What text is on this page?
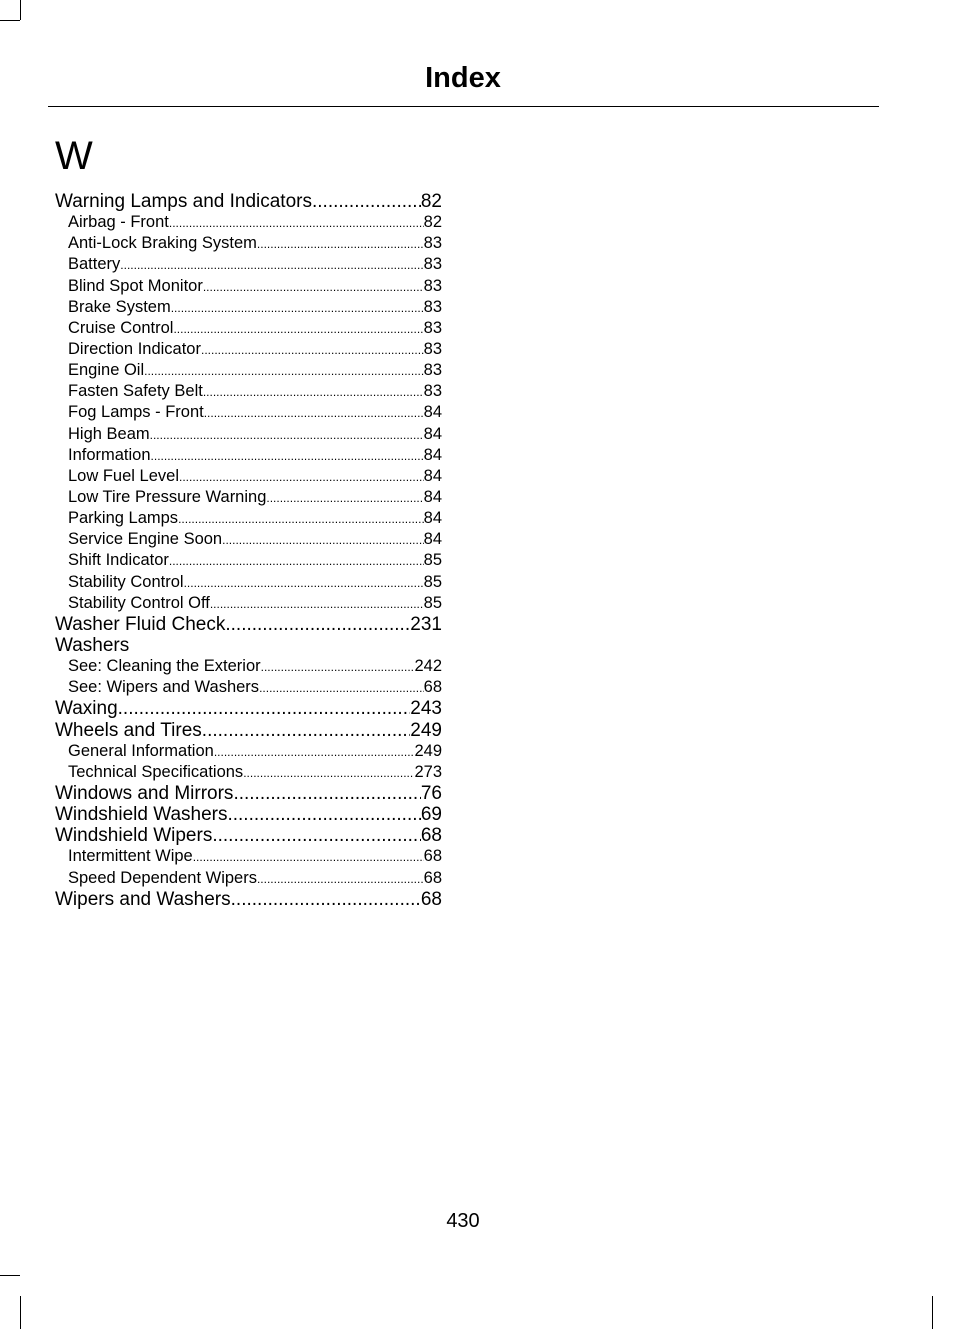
Index
W
Warning Lamps and Indicators .....	82
Airbag - Front .....	82
Anti-Lock Braking System .....	83
Battery .....	83
Blind Spot Monitor .....	83
Brake System .....	83
Cruise Control .....	83
Direction Indicator .....	83
Engine Oil .....	83
Fasten Safety Belt .....	83
Fog Lamps - Front .....	84
High Beam .....	84
Information .....	84
Low Fuel Level .....	84
Low Tire Pressure Warning .....	84
Parking Lamps .....	84
Service Engine Soon .....	84
Shift Indicator .....	85
Stability Control .....	85
Stability Control Off .....	85
Washer Fluid Check .....	231
Washers
See: Cleaning the Exterior .....	242
See: Wipers and Washers .....	68
Waxing .....	243
Wheels and Tires .....	249
General Information .....	249
Technical Specifications .....	273
Windows and Mirrors .....	76
Windshield Washers .....	69
Windshield Wipers .....	68
Intermittent Wipe .....	68
Speed Dependent Wipers .....	68
Wipers and Washers .....	68
430
